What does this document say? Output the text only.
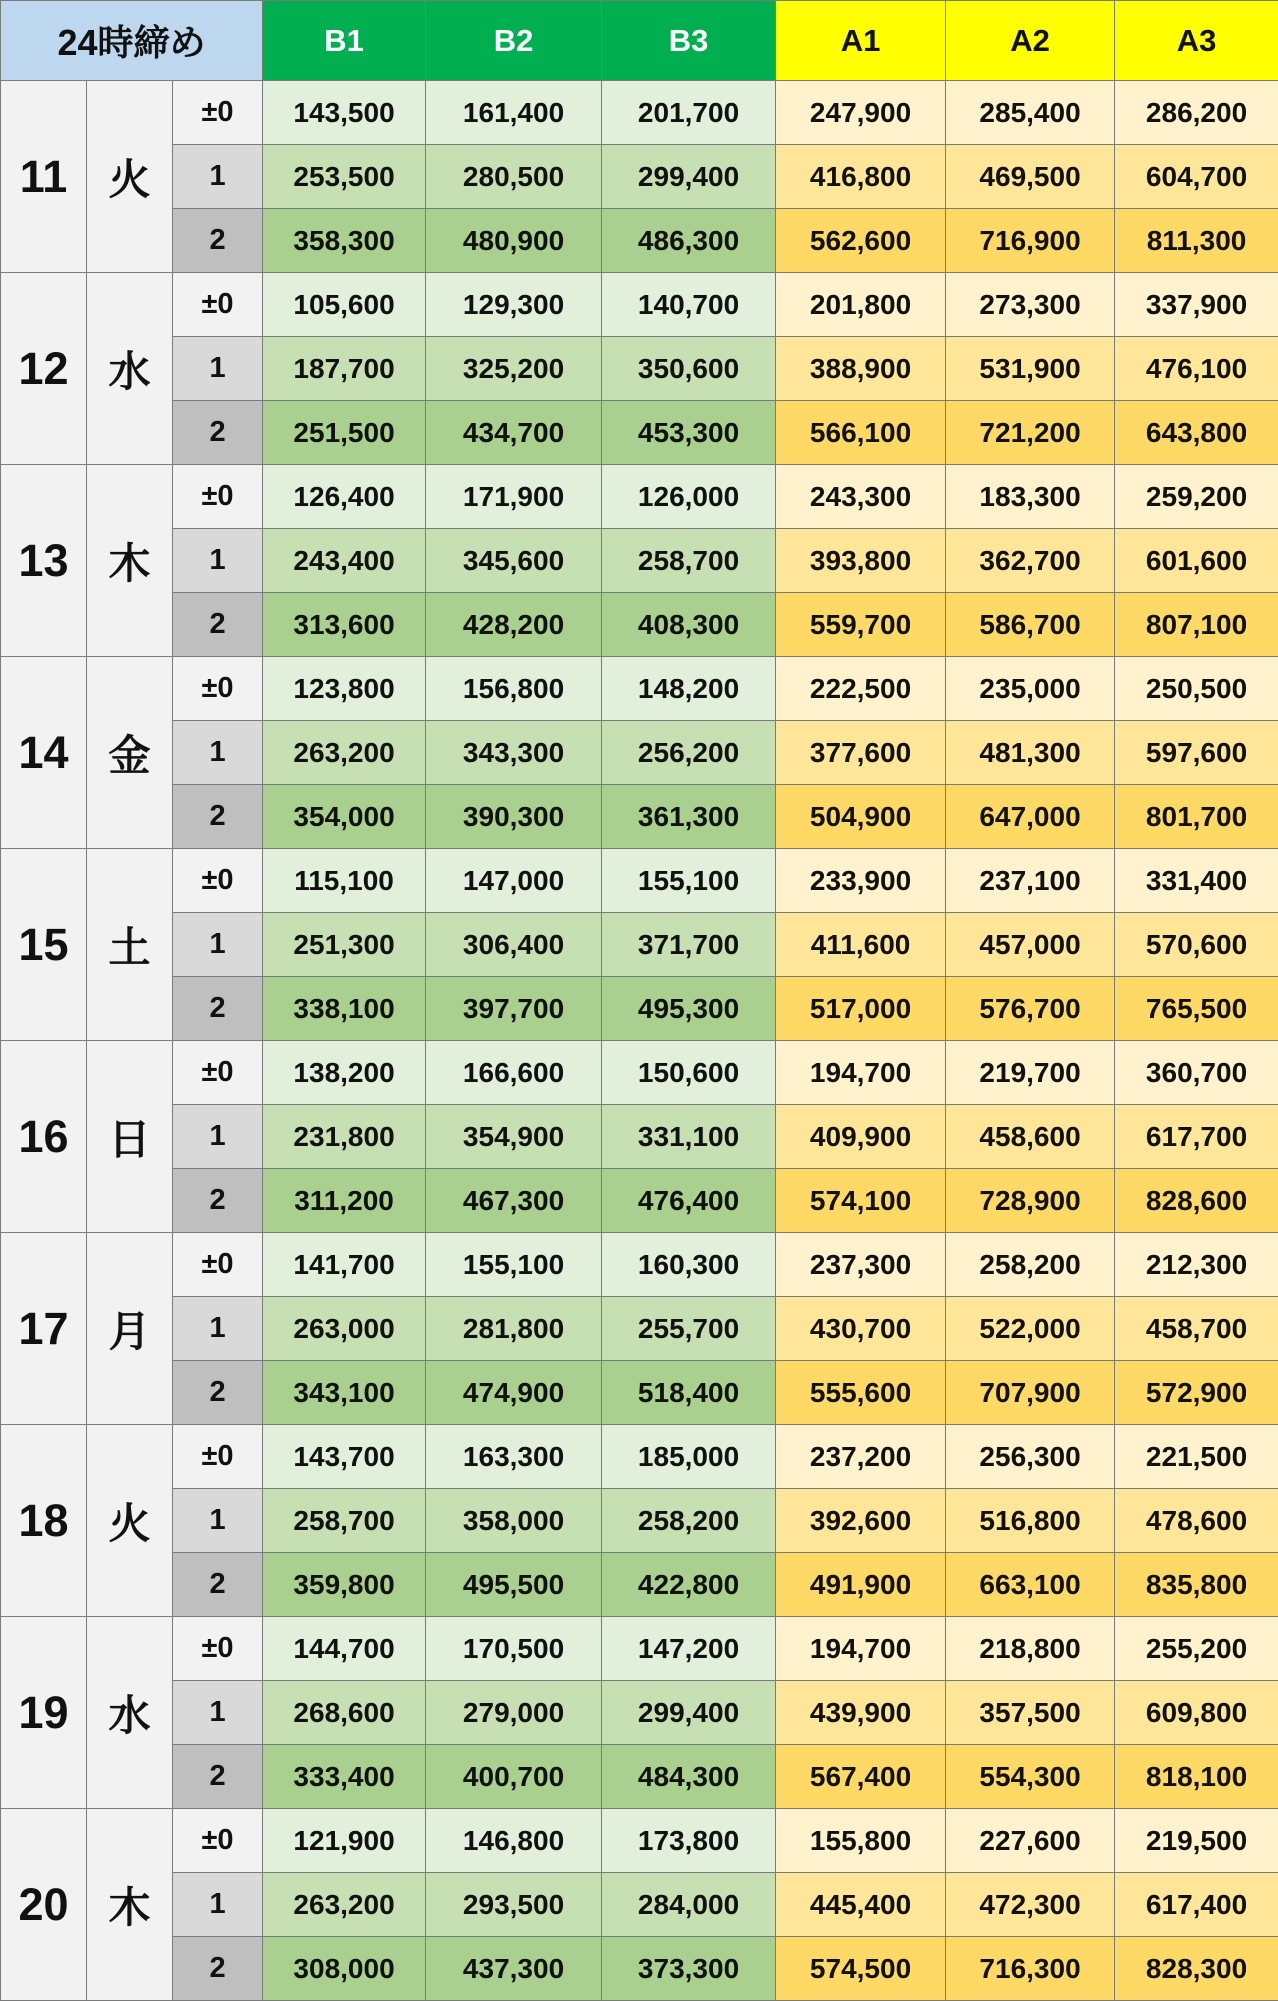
24時締め			B1	B2	B3	A1	A2	A3
11	火	±0	143,500	161,400	201,700	247,900	285,400	286,200
		1	253,500	280,500	299,400	416,800	469,500	604,700
		2	358,300	480,900	486,300	562,600	716,900	811,300
12	水	±0	105,600	129,300	140,700	201,800	273,300	337,900
		1	187,700	325,200	350,600	388,900	531,900	476,100
		2	251,500	434,700	453,300	566,100	721,200	643,800
13	木	±0	126,400	171,900	126,000	243,300	183,300	259,200
		1	243,400	345,600	258,700	393,800	362,700	601,600
		2	313,600	428,200	408,300	559,700	586,700	807,100
14	金	±0	123,800	156,800	148,200	222,500	235,000	250,500
		1	263,200	343,300	256,200	377,600	481,300	597,600
		2	354,000	390,300	361,300	504,900	647,000	801,700
15	土	±0	115,100	147,000	155,100	233,900	237,100	331,400
		1	251,300	306,400	371,700	411,600	457,000	570,600
		2	338,100	397,700	495,300	517,000	576,700	765,500
16	日	±0	138,200	166,600	150,600	194,700	219,700	360,700
		1	231,800	354,900	331,100	409,900	458,600	617,700
		2	311,200	467,300	476,400	574,100	728,900	828,600
17	月	±0	141,700	155,100	160,300	237,300	258,200	212,300
		1	263,000	281,800	255,700	430,700	522,000	458,700
		2	343,100	474,900	518,400	555,600	707,900	572,900
18	火	±0	143,700	163,300	185,000	237,200	256,300	221,500
		1	258,700	358,000	258,200	392,600	516,800	478,600
		2	359,800	495,500	422,800	491,900	663,100	835,800
19	水	±0	144,700	170,500	147,200	194,700	218,800	255,200
		1	268,600	279,000	299,400	439,900	357,500	609,800
		2	333,400	400,700	484,300	567,400	554,300	818,100
20	木	±0	121,900	146,800	173,800	155,800	227,600	219,500
		1	263,200	293,500	284,000	445,400	472,300	617,400
		2	308,000	437,300	373,300	574,500	716,300	828,300
